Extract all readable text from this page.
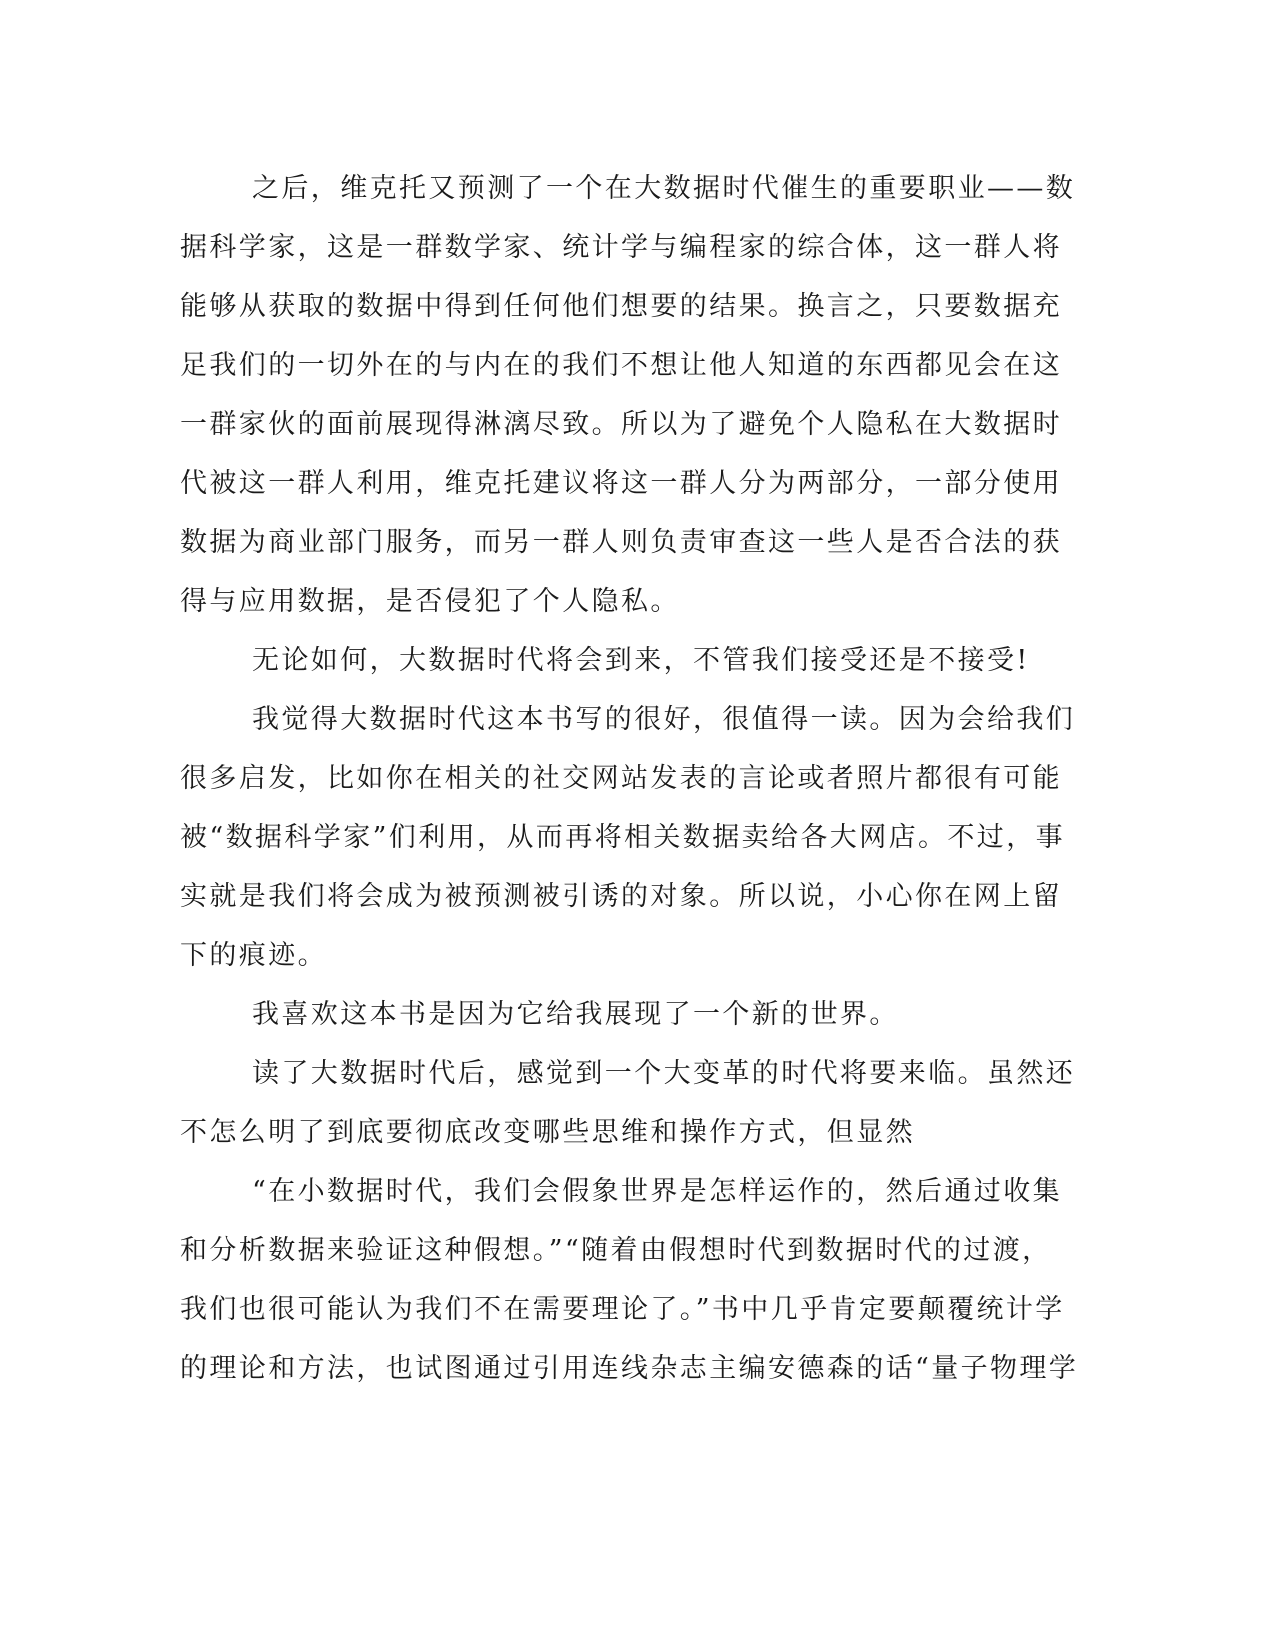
之后，维克托又预测了一个在大数据时代催生的重要职业——数
据科学家，这是一群数学家、统计学与编程家的综合体，这一群人将
能够从获取的数据中得到任何他们想要的结果。换言之，只要数据充
足我们的一切外在的与内在的我们不想让他人知道的东西都见会在这
一群家伙的面前展现得淋漓尽致。所以为了避免个人隐私在大数据时
代被这一群人利用，维克托建议将这一群人分为两部分，一部分使用
数据为商业部门服务，而另一群人则负责审查这一些人是否合法的获
得与应用数据，是否侵犯了个人隐私。
无论如何，大数据时代将会到来，不管我们接受还是不接受!
我觉得大数据时代这本书写的很好，很值得一读。因为会给我们
很多启发，比如你在相关的社交网站发表的言论或者照片都很有可能
被“数据科学家”们利用，从而再将相关数据卖给各大网店。不过，事
实就是我们将会成为被预测被引诱的对象。所以说，小心你在网上留
下的痕迹。
我喜欢这本书是因为它给我展现了一个新的世界。
读了大数据时代后，感觉到一个大变革的时代将要来临。虽然还
不怎么明了到底要彻底改变哪些思维和操作方式，但显然
“在小数据时代，我们会假象世界是怎样运作的，然后通过收集
和分析数据来验证这种假想。”“随着由假想时代到数据时代的过渡，
我们也很可能认为我们不在需要理论了。”书中几乎肯定要颠覆统计学
的理论和方法，也试图通过引用连线杂志主编安德森的话“量子物理学
